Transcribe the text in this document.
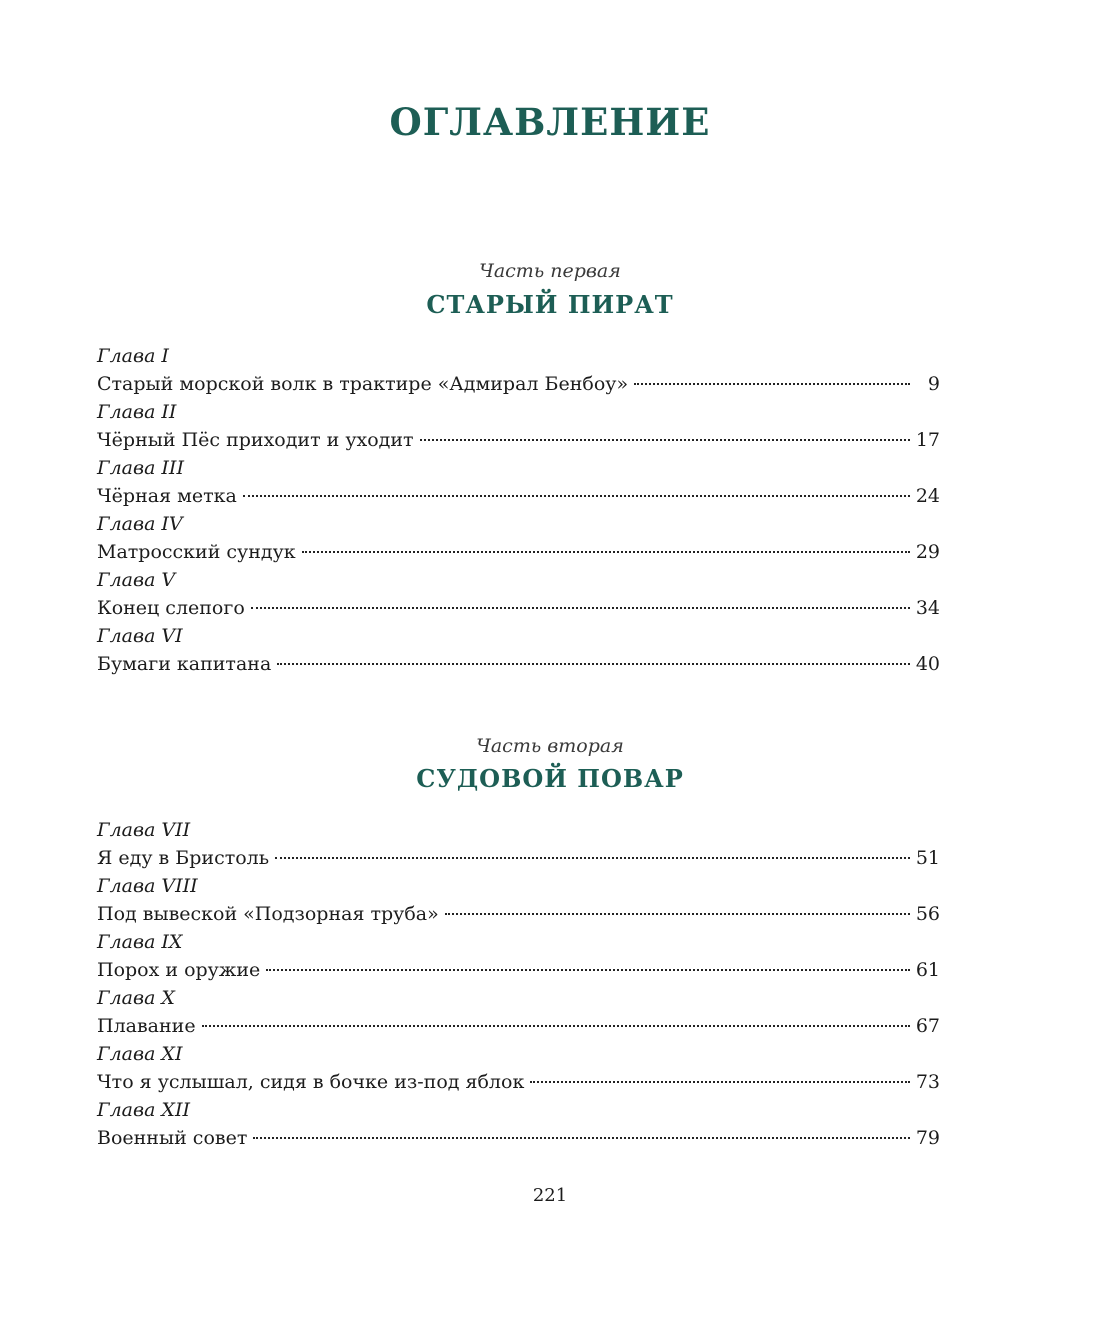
ОГЛАВЛЕНИЕ

Часть первая

СТАРЫЙ ПИРАТ
Глава I
Старый морской волк в трактире «Адмирал Бенбоу»	9
Глава II
Чёрный Пёс приходит и уходит	17
Глава III
Чёрная метка	24
Глава IV
Матросский сундук	29
Глава V
Конец слепого	34
Глава VI
Бумаги капитана	40

Часть вторая

СУДОВОЙ ПОВАР
Глава VII
Я еду в Бристоль	51
Глава VIII
Под вывеской «Подзорная труба»	56
Глава IX
Порох и оружие	61
Глава X
Плавание	67
Глава XI
Что я услышал, сидя в бочке из-под яблок	73
Глава XII
Военный совет	79

221
